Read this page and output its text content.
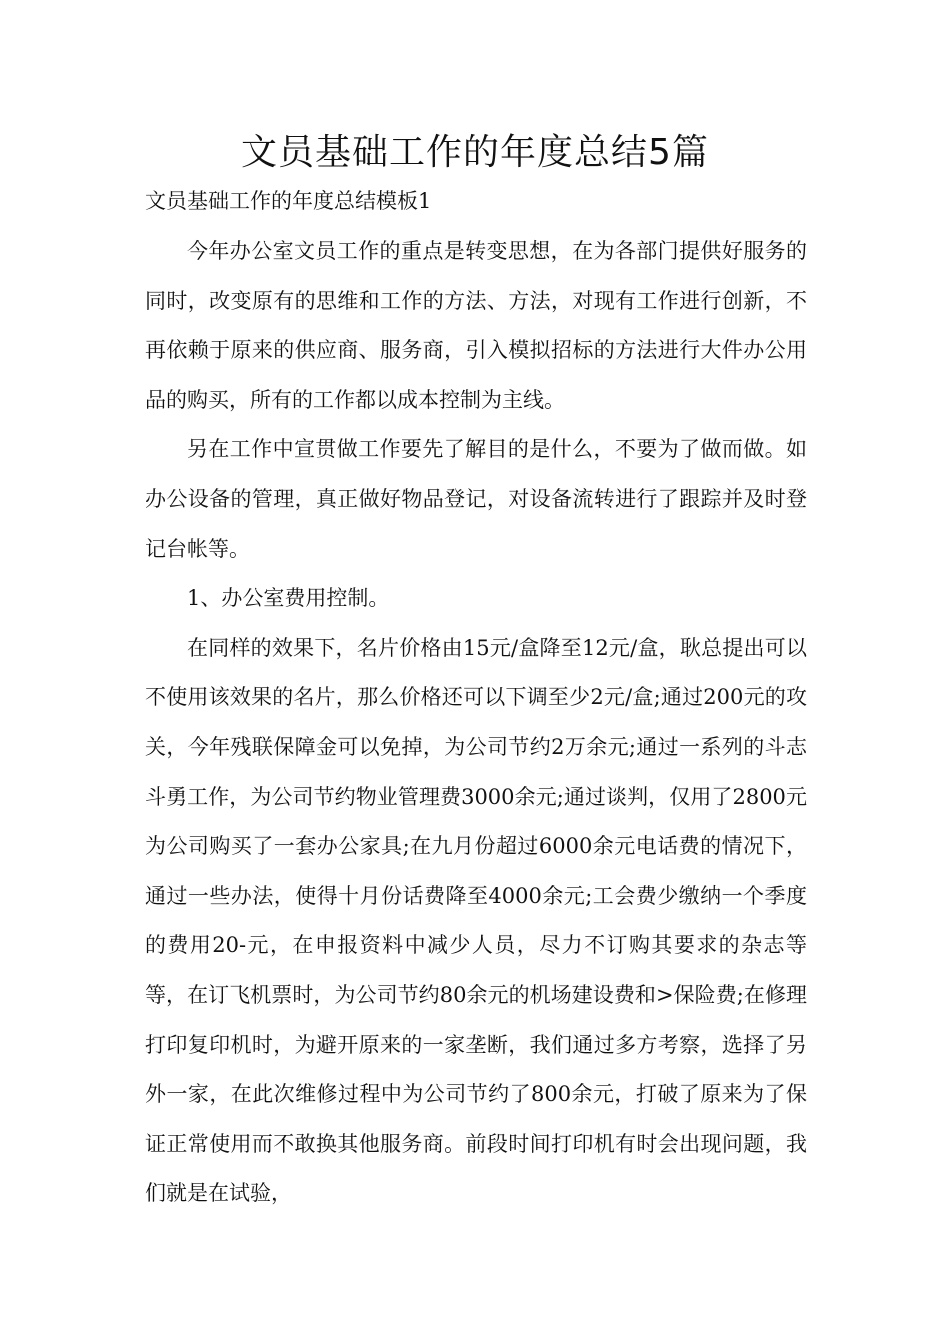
文员基础工作的年度总结5篇

文员基础工作的年度总结模板1

今年办公室文员工作的重点是转变思想，在为各部门提供好服务的同时，改变原有的思维和工作的方法、方法，对现有工作进行创新，不再依赖于原来的供应商、服务商，引入模拟招标的方法进行大件办公用品的购买，所有的工作都以成本控制为主线。

另在工作中宣贯做工作要先了解目的是什么，不要为了做而做。如办公设备的管理，真正做好物品登记，对设备流转进行了跟踪并及时登记台帐等。

1、办公室费用控制。

在同样的效果下，名片价格由15元/盒降至12元/盒，耿总提出可以不使用该效果的名片，那么价格还可以下调至少2元/盒;通过200元的攻关，今年残联保障金可以免掉，为公司节约2万余元;通过一系列的斗志斗勇工作，为公司节约物业管理费3000余元;通过谈判，仅用了2800元为公司购买了一套办公家具;在九月份超过6000余元电话费的情况下，通过一些办法，使得十月份话费降至4000余元;工会费少缴纳一个季度的费用20-元，在申报资料中减少人员，尽力不订购其要求的杂志等等，在订飞机票时，为公司节约80余元的机场建设费和>保险费;在修理打印复印机时，为避开原来的一家垄断，我们通过多方考察，选择了另外一家，在此次维修过程中为公司节约了800余元，打破了原来为了保证正常使用而不敢换其他服务商。前段时间打印机有时会出现问题，我们就是在试验，
